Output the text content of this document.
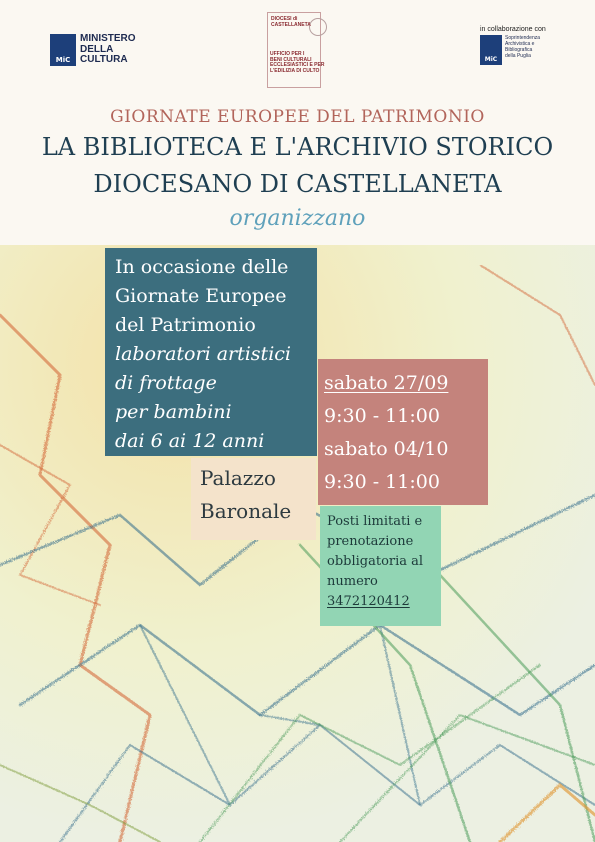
MiC
MINISTERO
DELLA
CULTURA
DIOCESI di
CASTELLANETA
UFFICIO PER I
BENI CULTURALI
ECCLESIASTICI E PER
L'EDILIZIA DI CULTO
in collaborazione con
MiC
Soprintendenza
Archivistica e
Bibliografica
della Puglia
GIORNATE EUROPEE DEL PATRIMONIO
LA BIBLIOTECA E L'ARCHIVIO STORICO
DIOCESANO DI CASTELLANETA
organizzano
In occasione delle
Giornate Europee
del Patrimonio
laboratori artistici
di frottage
per bambini
dai 6 ai 12 anni
Palazzo
Baronale
sabato 27/09
9:30 - 11:00
sabato 04/10
9:30 - 11:00
Posti limitati e
prenotazione
obbligatoria al
numero
3472120412
